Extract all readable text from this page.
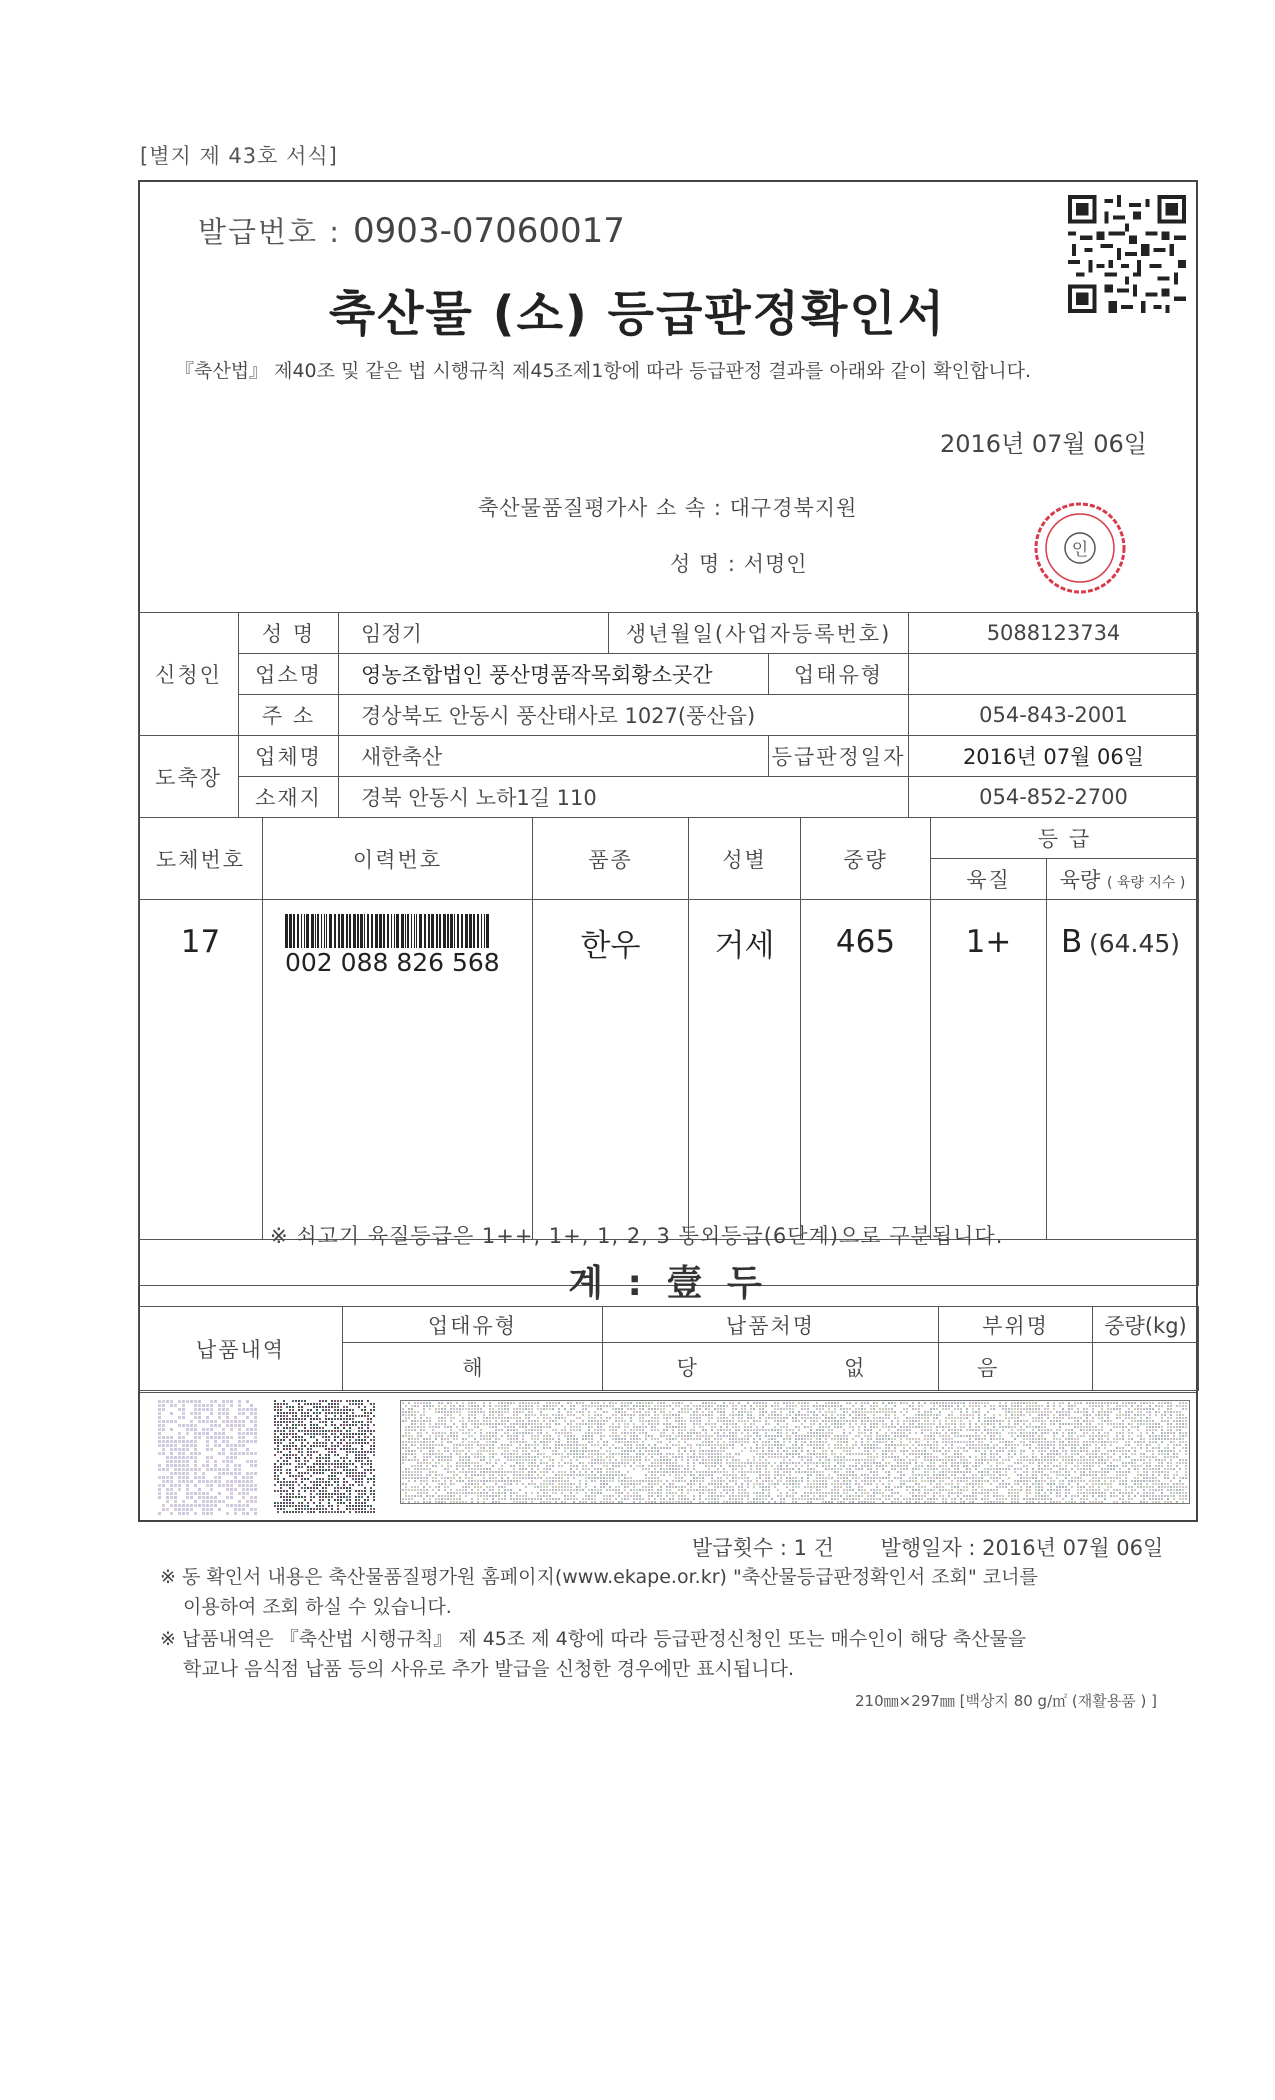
[별지 제 43호 서식]
발급번호 : 0903-07060017
축산물 (소) 등급판정확인서
『축산법』 제40조 및 같은 법 시행규칙 제45조제1항에 따라 등급판정 결과를 아래와 같이 확인합니다.
2016년 07월 06일
축산물품질평가사 소 속 : 대구경북지원
성 명 : 서명인
인
신청인	성 명	임정기	생년월일(사업자등록번호)		5088123734
	업소명	영농조합법인 풍산명품작목회황소곳간		업태유형	
	주 소	경상북도 안동시 풍산태사로 1027(풍산읍)			054-843-2001
도축장	업체명	새한축산		등급판정일자	2016년 07월 06일
	소재지	경북 안동시 노하1길 110			054-852-2700
도체번호	이력번호	품종	성별	중량	등 급	
					육질	육량 ( 육량 지수 )
17	002 088 826 568	한우	거세	465	1+	B (64.45)

※ 쇠고기 육질등급은 1++, 1+, 1, 2, 3 등외등급(6단계)으로 구분됩니다.
계 : 壹 두
납품내역	업태유형	납품처명	부위명	중량(kg)
	해	당 없	음	
발급횟수 : 1 건 발행일자 : 2016년 07월 06일
※ 동 확인서 내용은 축산물품질평가원 홈페이지(www.ekape.or.kr) "축산물등급판정확인서 조회" 코너를
이용하여 조회 하실 수 있습니다.
※ 납품내역은 『축산법 시행규칙』 제 45조 제 4항에 따라 등급판정신청인 또는 매수인이 해당 축산물을
학교나 음식점 납품 등의 사유로 추가 발급을 신청한 경우에만 표시됩니다.
210㎜×297㎜ [백상지 80 g/㎡ (재활용품 ) ]
